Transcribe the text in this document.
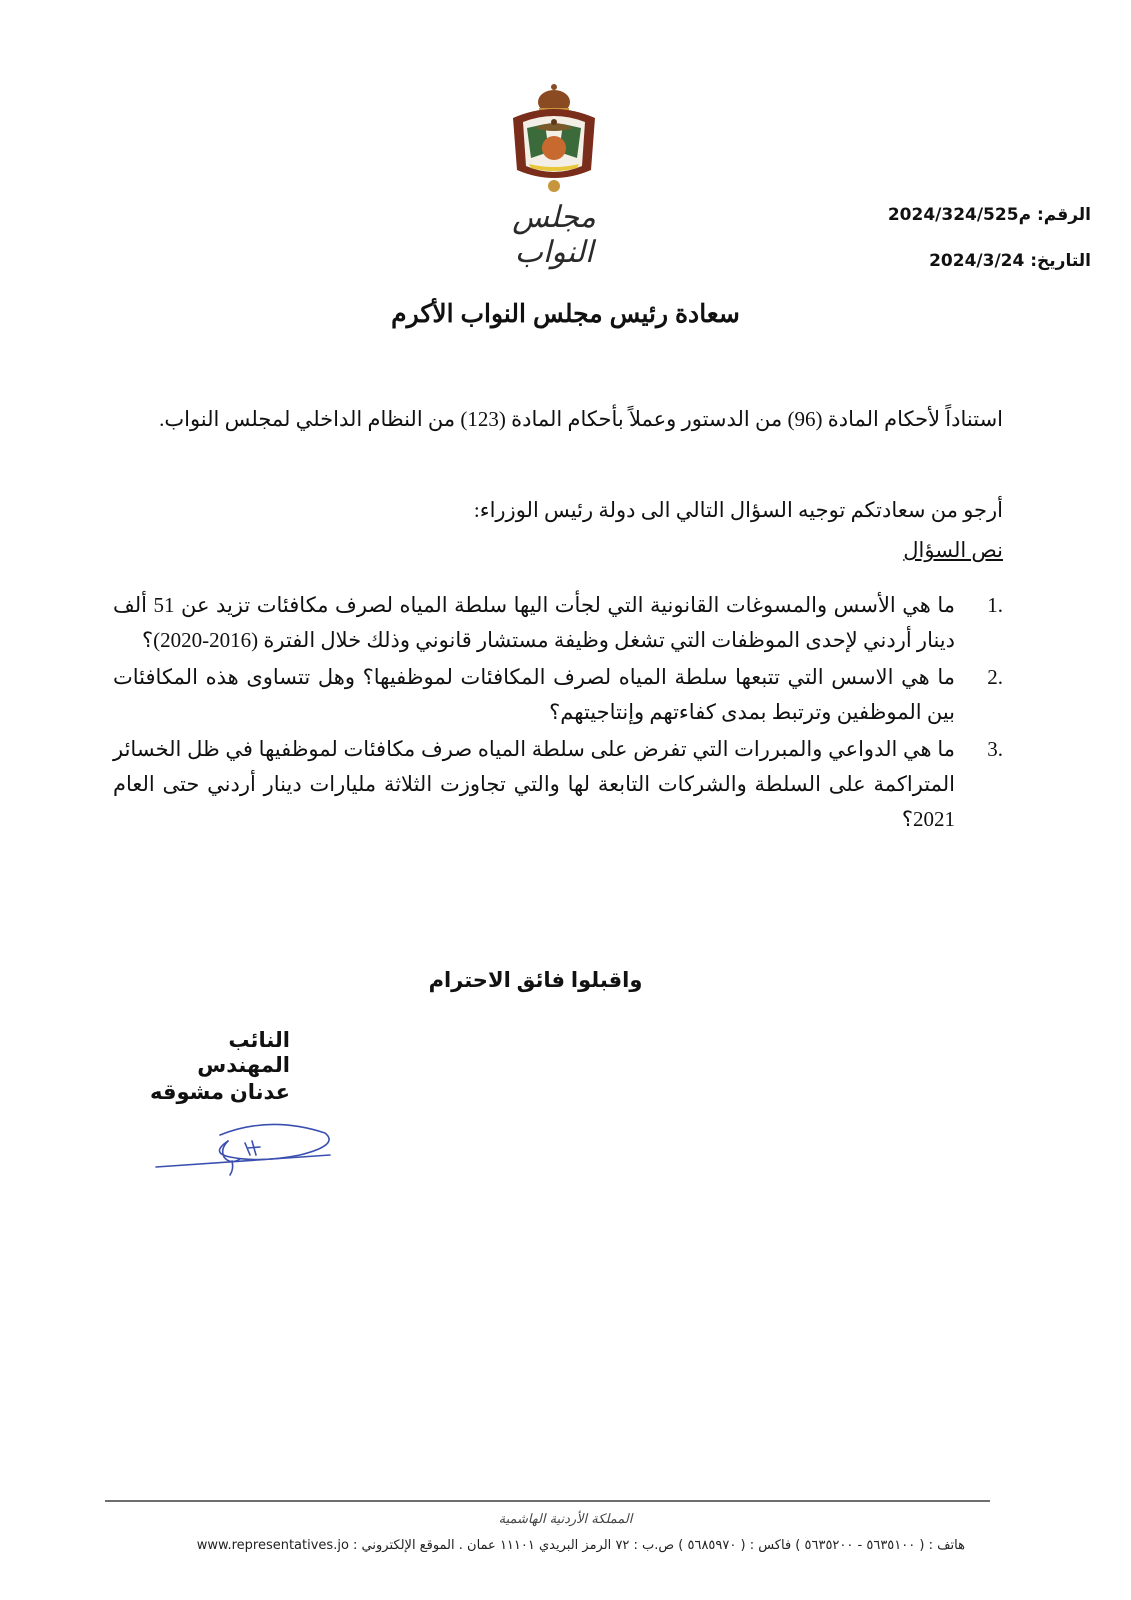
مجلس النواب
الرقم: م2024/324/525
التاريخ: 2024/3/24
سعادة رئيس مجلس النواب الأكرم
استناداً لأحكام المادة (96) من الدستور وعملاً بأحكام المادة (123) من النظام الداخلي لمجلس النواب.
أرجو من سعادتكم توجيه السؤال التالي الى دولة رئيس الوزراء:
نص السؤال
1.
ما هي الأسس والمسوغات القانونية التي لجأت اليها سلطة المياه لصرف مكافئات تزيد عن 51 ألف دينار أردني لإحدى الموظفات التي تشغل وظيفة مستشار قانوني وذلك خلال الفترة (2016-2020)؟
2.
ما هي الاسس التي تتبعها سلطة المياه لصرف المكافئات لموظفيها؟ وهل تتساوى هذه المكافئات بين الموظفين وترتبط بمدى كفاءتهم وإنتاجيتهم؟
3.
ما هي الدواعي والمبررات التي تفرض على سلطة المياه صرف مكافئات لموظفيها في ظل الخسائر المتراكمة على السلطة والشركات التابعة لها والتي تجاوزت الثلاثة مليارات دينار أردني حتى العام 2021؟
واقبلوا فائق الاحترام
النائب المهندس
عدنان مشوقه
المملكة الأردنية الهاشمية
هاتف : ( ٥٦٣٥١٠٠ - ٥٦٣٥٢٠٠ ) فاكس : ( ٥٦٨٥٩٧٠ ) ص.ب : ٧٢ الرمز البريدي ١١١٠١ عمان . الموقع الإلكتروني : www.representatives.jo
